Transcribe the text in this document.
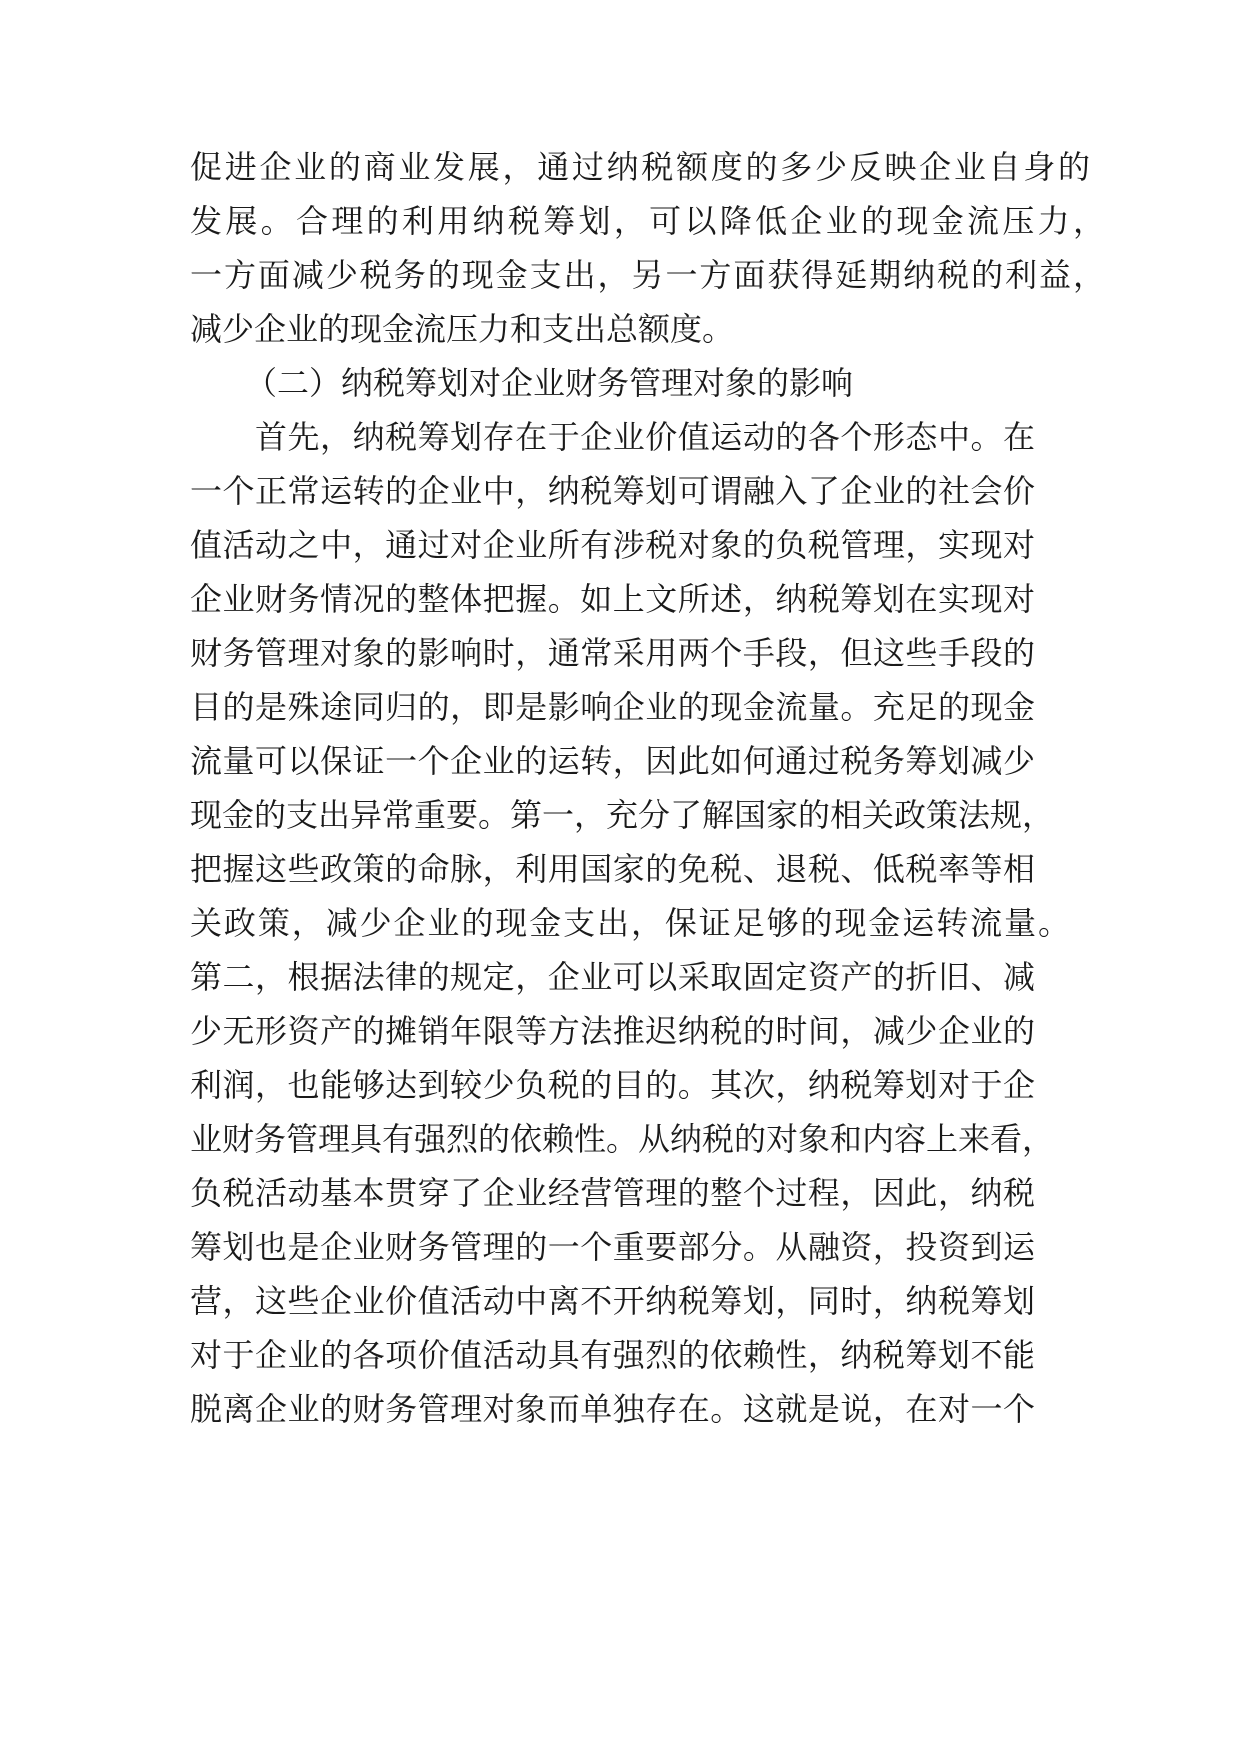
促进企业的商业发展，通过纳税额度的多少反映企业自身的
发展。合理的利用纳税筹划，可以降低企业的现金流压力，
一方面减少税务的现金支出，另一方面获得延期纳税的利益，
减少企业的现金流压力和支出总额度。
（二）纳税筹划对企业财务管理对象的影响
首先，纳税筹划存在于企业价值运动的各个形态中。在
一个正常运转的企业中，纳税筹划可谓融入了企业的社会价
值活动之中，通过对企业所有涉税对象的负税管理，实现对
企业财务情况的整体把握。如上文所述，纳税筹划在实现对
财务管理对象的影响时，通常采用两个手段，但这些手段的
目的是殊途同归的，即是影响企业的现金流量。充足的现金
流量可以保证一个企业的运转，因此如何通过税务筹划减少
现金的支出异常重要。第一，充分了解国家的相关政策法规，
把握这些政策的命脉，利用国家的免税、退税、低税率等相
关政策，减少企业的现金支出，保证足够的现金运转流量。
第二，根据法律的规定，企业可以采取固定资产的折旧、减
少无形资产的摊销年限等方法推迟纳税的时间，减少企业的
利润，也能够达到较少负税的目的。其次，纳税筹划对于企
业财务管理具有强烈的依赖性。从纳税的对象和内容上来看，
负税活动基本贯穿了企业经营管理的整个过程，因此，纳税
筹划也是企业财务管理的一个重要部分。从融资，投资到运
营，这些企业价值活动中离不开纳税筹划，同时，纳税筹划
对于企业的各项价值活动具有强烈的依赖性，纳税筹划不能
脱离企业的财务管理对象而单独存在。这就是说，在对一个
